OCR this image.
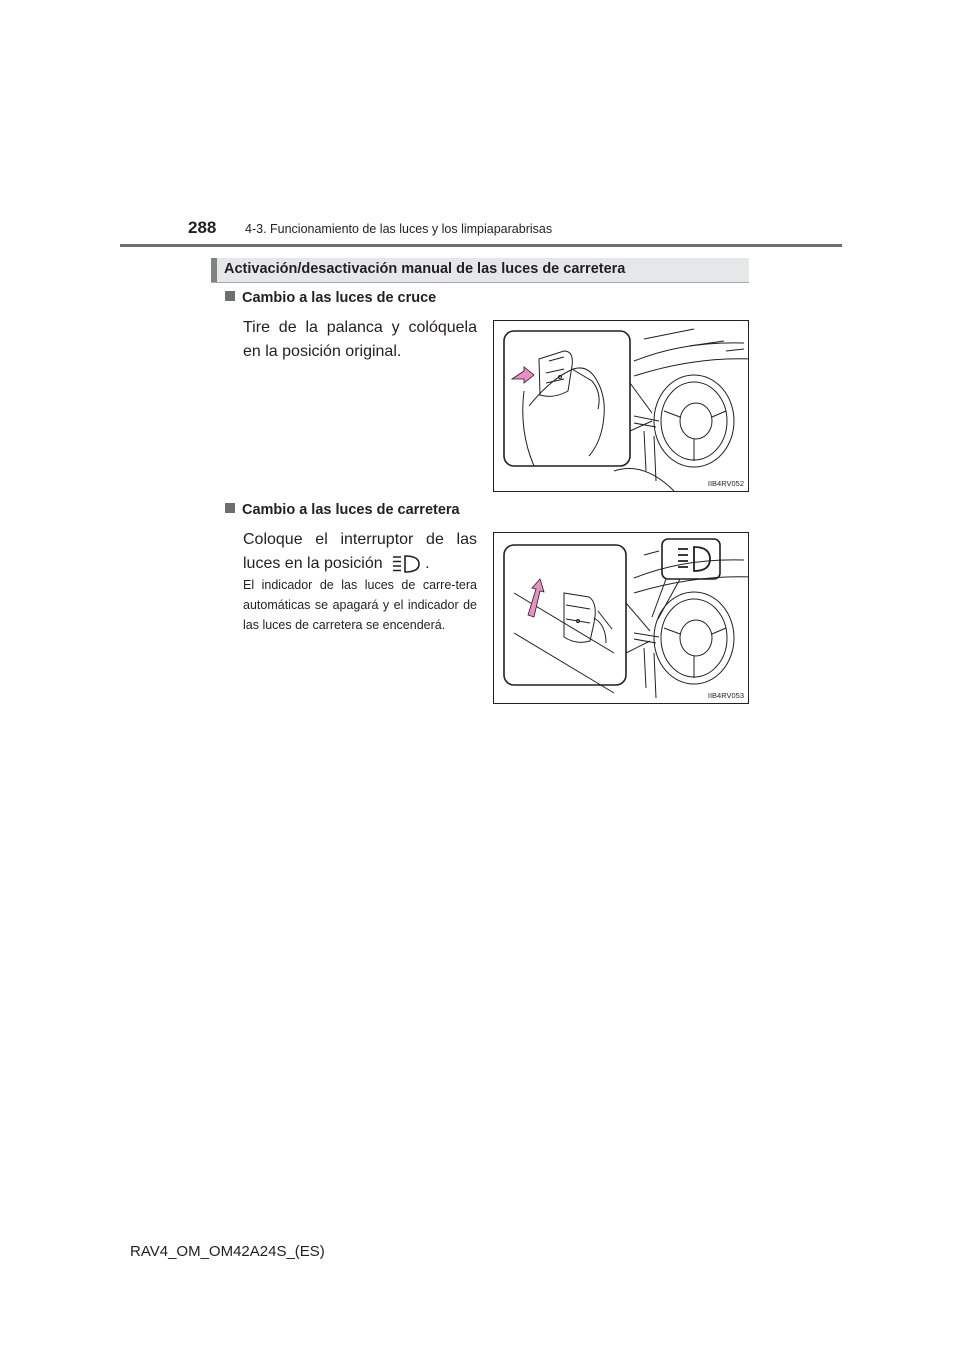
288 4-3. Funcionamiento de las luces y los limpiaparabrisas
Activación/desactivación manual de las luces de carretera
Cambio a las luces de cruce
Tire de la palanca y colóquela en la posición original.
IIB4RV052
Cambio a las luces de carretera
Coloque el interruptor de las luces en la posición	.
El indicador de las luces de carre-tera automáticas se apagará y el indicador de las luces de carretera se encenderá.
IIB4RV053
RAV4_OM_OM42A24S_(ES)
